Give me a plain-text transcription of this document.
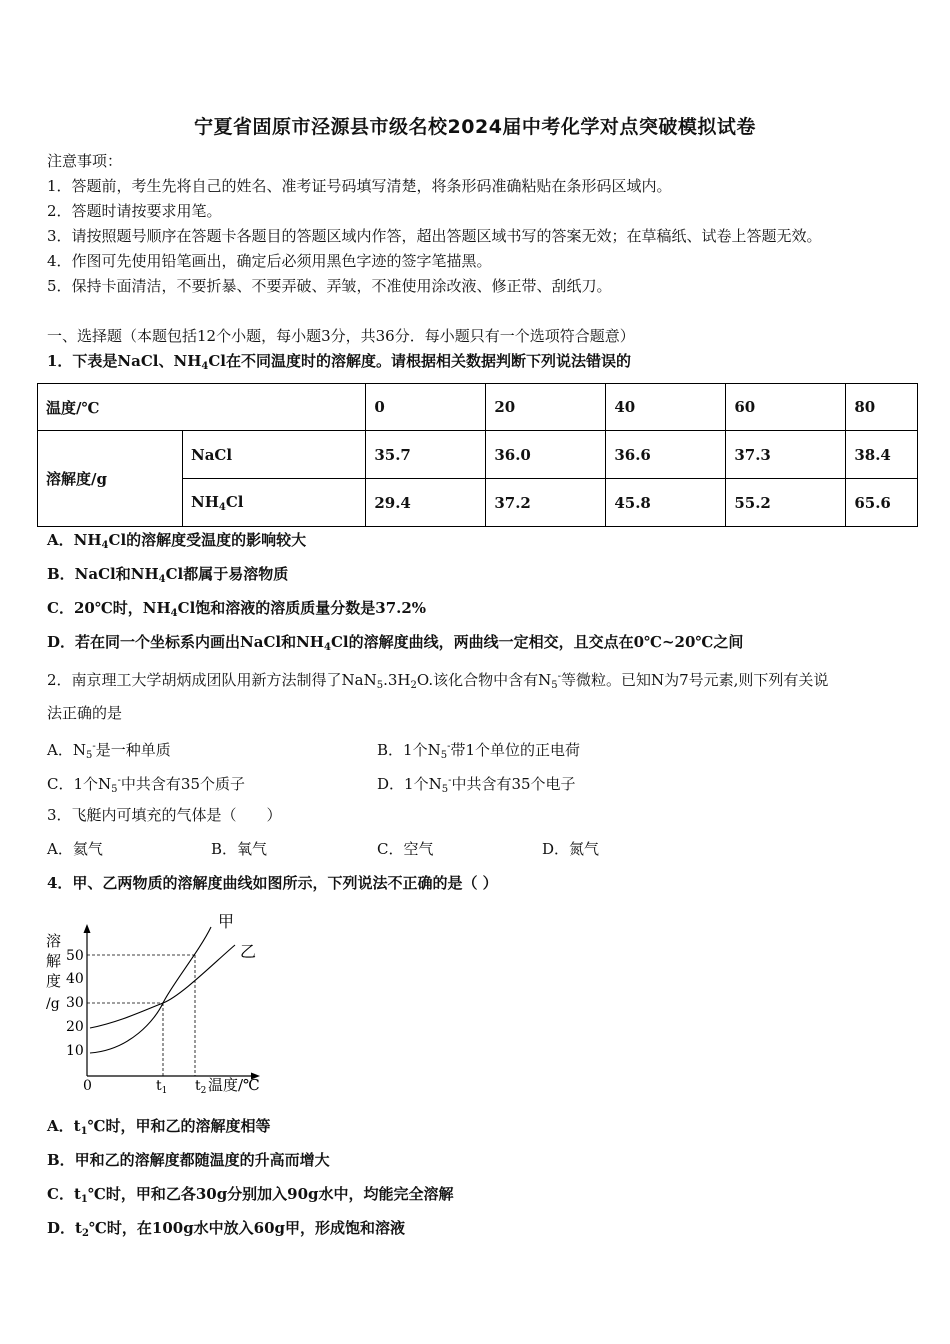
宁夏省固原市泾源县市级名校2024届中考化学对点突破模拟试卷
注意事项：
1．答题前，考生先将自己的姓名、准考证号码填写清楚，将条形码准确粘贴在条形码区域内。
2．答题时请按要求用笔。
3．请按照题号顺序在答题卡各题目的答题区域内作答，超出答题区域书写的答案无效；在草稿纸、试卷上答题无效。
4．作图可先使用铅笔画出，确定后必须用黑色字迹的签字笔描黑。
5．保持卡面清洁，不要折暴、不要弄破、弄皱，不准使用涂改液、修正带、刮纸刀。
一、选择题（本题包括12个小题，每小题3分，共36分．每小题只有一个选项符合题意）
1．下表是NaCl、$NH_4Cl$在不同温度时的溶解度。请根据相关数据判断下列说法错误的
温度/℃		0	20	40	60	80
溶解度/g	NaCl	35.7	36.0	36.6	37.3	38.4
	$NH_4Cl$	29.4	37.2	45.8	55.2	65.6
A．$NH_4Cl$的溶解度受温度的影响较大
B．NaCl和$NH_4Cl$都属于易溶物质
C．20℃时，$NH_4Cl$饱和溶液的溶质质量分数是37.2%
D．若在同一个坐标系内画出NaCl和$NH_4Cl$的溶解度曲线，两曲线一定相交，且交点在0℃~20℃之间
2．南京理工大学胡炳成团队用新方法制得了$NaN_5.3H_2O$.该化合物中含有$N_5^-$等微粒。已知N为7号元素,则下列有关说
法正确的是
A．$N_5^-$是一种单质	B．1个$N_5^-$带1个单位的正电荷
C．1个$N_5^-$中共含有35个质子	D．1个$N_5^-$中共含有35个电子
3．飞艇内可填充的气体是（　　）
A．氦气	B．氧气	C．空气	D．氮气
4．甲、乙两物质的溶解度曲线如图所示，下列说法不正确的是（ ）
溶
解
度
/g
50
40
30
20
10
甲
乙
0	$t_1$ $t_2$ 温度/℃
A．$t_1℃$时，甲和乙的溶解度相等
B．甲和乙的溶解度都随温度的升高而增大
C．$t_1℃$时，甲和乙各30g分别加入90g水中，均能完全溶解
D．$t_2℃$时，在100g水中放入60g甲，形成饱和溶液
